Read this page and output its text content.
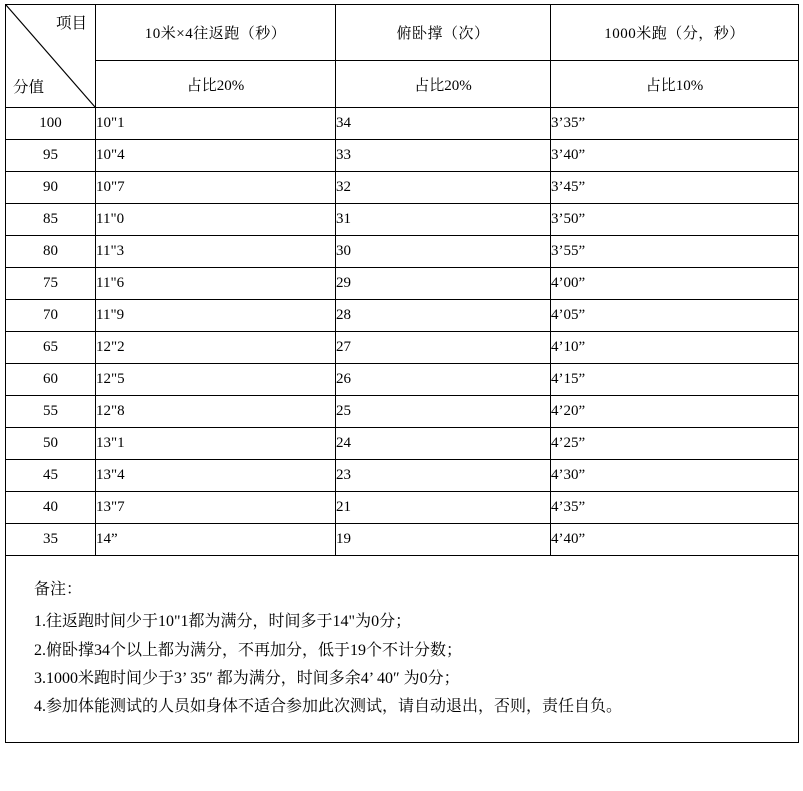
项目
分值	10米×4往返跑（秒）	俯卧撑（次）	1000米跑（分，秒）
	占比20%	占比20%	占比10%
100	10"1	34	3’35”
95	10"4	33	3’40”
90	10"7	32	3’45”
85	11"0	31	3’50”
80	11"3	30	3’55”
75	11"6	29	4’00”
70	11"9	28	4’05”
65	12"2	27	4’10”
60	12"5	26	4’15”
55	12"8	25	4’20”
50	13"1	24	4’25”
45	13"4	23	4’30”
40	13"7	21	4’35”
35	14”	19	4’40”

备注：
1.往返跑时间少于10"1都为满分，时间多于14"为0分；
2.俯卧撑34个以上都为满分，不再加分，低于19个不计分数；
3.1000米跑时间少于3’ 35″ 都为满分，时间多余4’ 40″ 为0分；
4.参加体能测试的人员如身体不适合参加此次测试，请自动退出，否则，责任自负。
